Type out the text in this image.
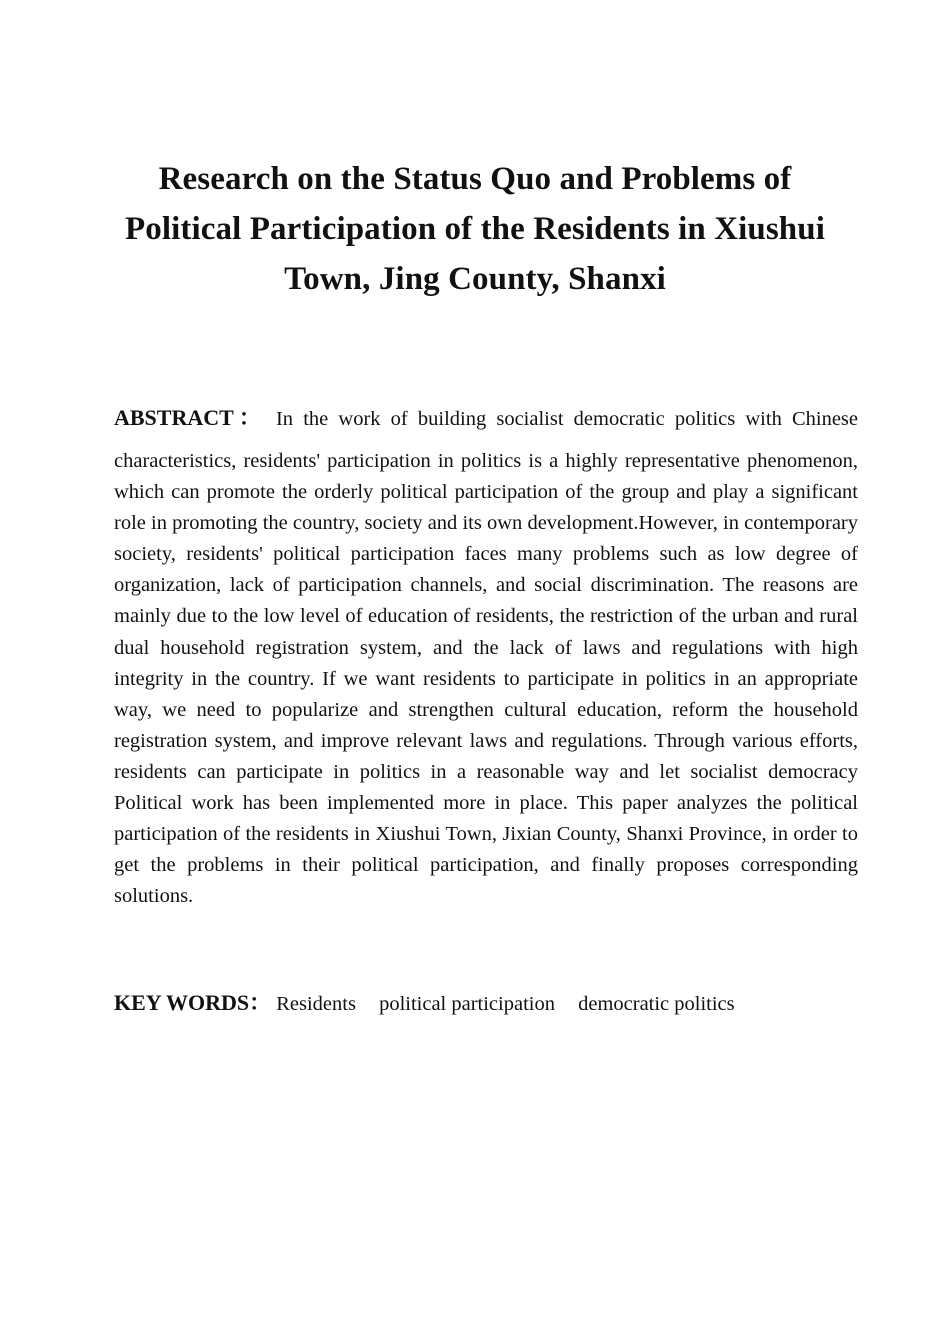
Research on the Status Quo and Problems of
Political Participation of the Residents in Xiushui
Town, Jing County, Shanxi
ABSTRACT： In the work of building socialist democratic politics with Chinese
characteristics, residents' participation in politics is a highly representative phenomenon, which can promote the orderly political participation of the group and play a significant role in promoting the country, society and its own development.However, in contemporary society, residents' political participation faces many problems such as low degree of organization, lack of participation channels, and social discrimination. The reasons are mainly due to the low level of education of residents, the restriction of the urban and rural dual household registration system, and the lack of laws and regulations with high integrity in the country. If we want residents to participate in politics in an appropriate way, we need to popularize and strengthen cultural education, reform the household registration system, and improve relevant laws and regulations. Through various efforts, residents can participate in politics in a reasonable way and let socialist democracy Political work has been implemented more in place. This paper analyzes the political participation of the residents in Xiushui Town, Jixian County, Shanxi Province, in order to get the problems in their political participation, and finally proposes corresponding solutions.
KEY WORDS： Residents political participation democratic politics
